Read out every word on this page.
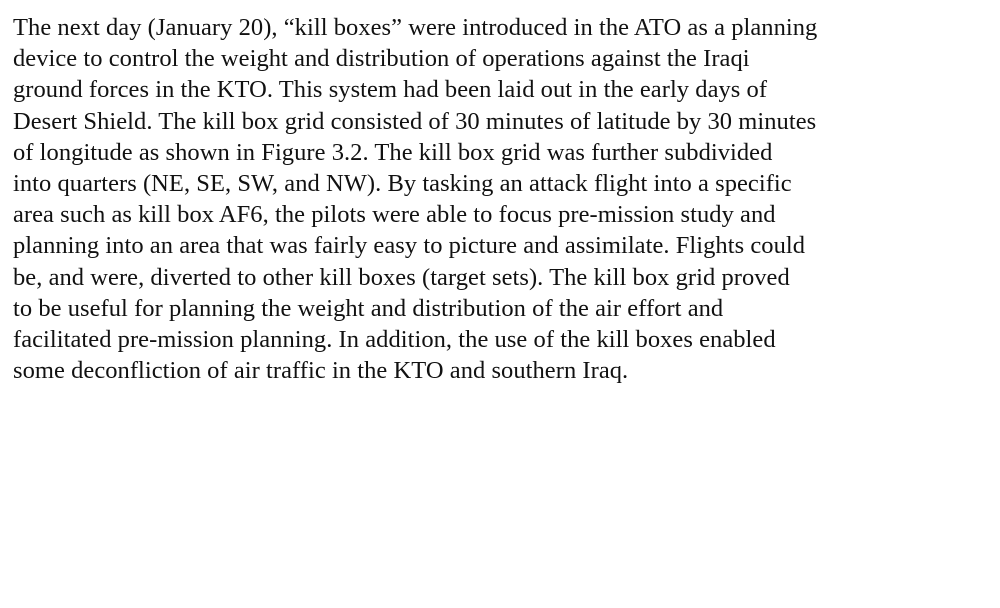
The next day (January 20), “kill boxes” were introduced in the ATO as a planning
device to control the weight and distribution of operations against the Iraqi
ground forces in the KTO. This system had been laid out in the early days of
Desert Shield. The kill box grid consisted of 30 minutes of latitude by 30 minutes
of longitude as shown in Figure 3.2. The kill box grid was further subdivided
into quarters (NE, SE, SW, and NW). By tasking an attack flight into a specific
area such as kill box AF6, the pilots were able to focus pre-mission study and
planning into an area that was fairly easy to picture and assimilate. Flights could
be, and were, diverted to other kill boxes (target sets). The kill box grid proved
to be useful for planning the weight and distribution of the air effort and
facilitated pre-mission planning. In addition, the use of the kill boxes enabled
some deconfliction of air traffic in the KTO and southern Iraq.
